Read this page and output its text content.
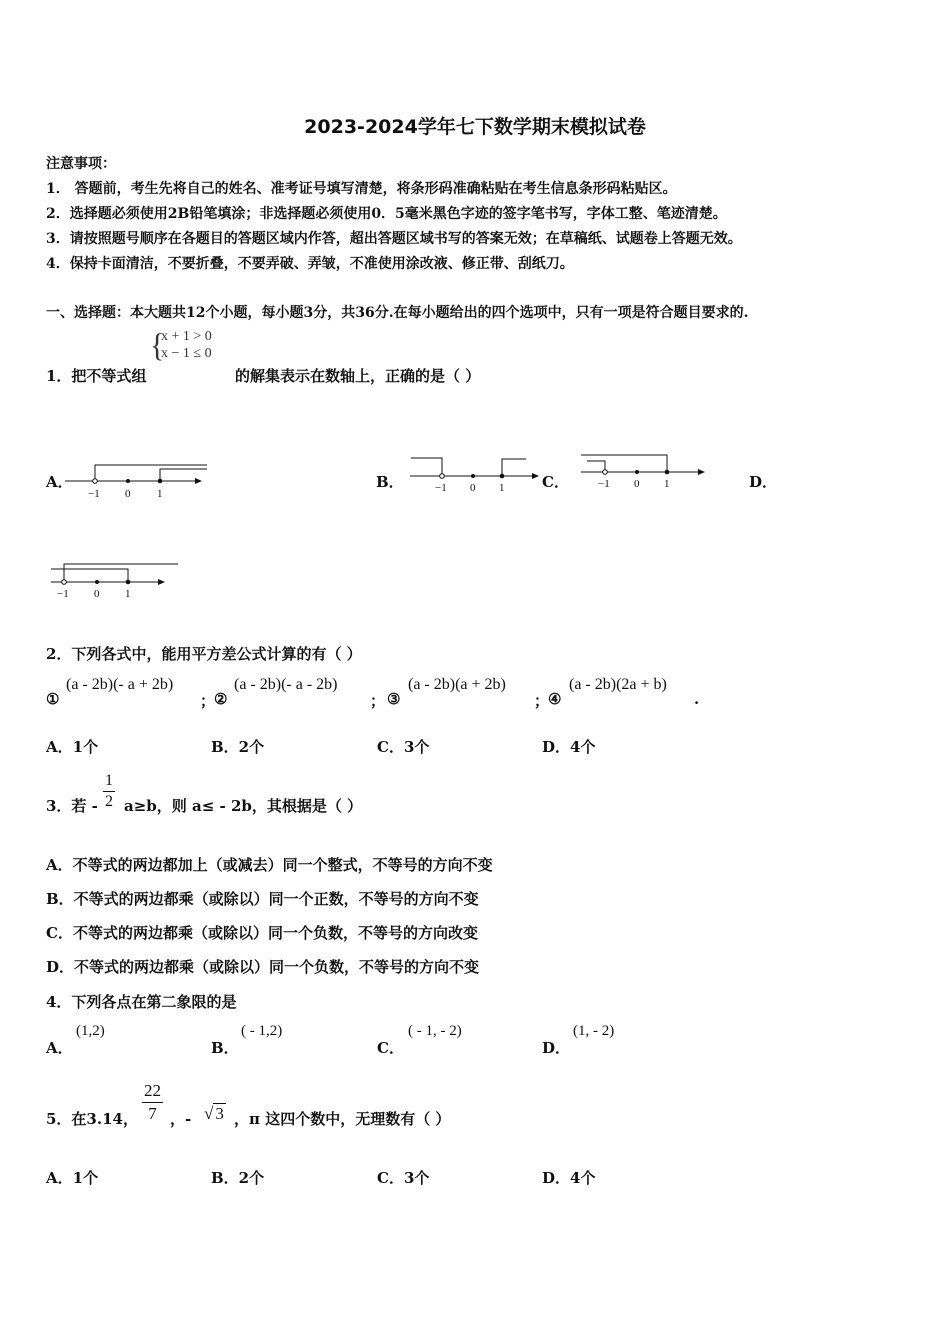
2023-2024学年七下数学期末模拟试卷
注意事项：
1． 答题前，考生先将自己的姓名、准考证号填写清楚，将条形码准确粘贴在考生信息条形码粘贴区。
2．选择题必须使用2B铅笔填涂；非选择题必须使用0．5毫米黑色字迹的签字笔书写，字体工整、笔迹清楚。
3．请按照题号顺序在各题目的答题区域内作答，超出答题区域书写的答案无效；在草稿纸、试题卷上答题无效。
4．保持卡面清洁，不要折叠，不要弄破、弄皱，不准使用涂改液、修正带、刮纸刀。
一、选择题：本大题共12个小题，每小题3分，共36分.在每小题给出的四个选项中，只有一项是符合题目要求的.
1．把不等式组
{
x + 1 > 0
x − 1 ≤ 0
的解集表示在数轴上，正确的是（ ）
A．
−1 0 1
B．	−1 0 1	C．	−1 0 1	D．
−1 0 1
2．下列各式中，能用平方差公式计算的有（ ）
①
(a - 2b)(- a + 2b)
；
②
(a - 2b)(- a - 2b)
； ③
(a - 2b)(a + 2b)
；
④
(a - 2b)(2a + b)
.
A．1个	B．2个	C．3个	D．4个
3．若 - $\frac{1}{2} a\ge b$，则 a≤ - 2b，其根据是（ ）
A．不等式的两边都加上（或减去）同一个整式，不等号的方向不变
B．不等式的两边都乘（或除以）同一个正数，不等号的方向不变
C．不等式的两边都乘（或除以）同一个负数，不等号的方向改变
D．不等式的两边都乘（或除以）同一个负数，不等号的方向不变
4．下列各点在第二象限的是
A．
(1,2)
B．
( - 1,2)
C．
( - 1, - 2)
D．
(1, - 2)
5．在3.14， $\frac{22}{7}$ ，- √ 3 ，π 这四个数中，无理数有（ ）
A．1个	B．2个	C．3个	D．4个
